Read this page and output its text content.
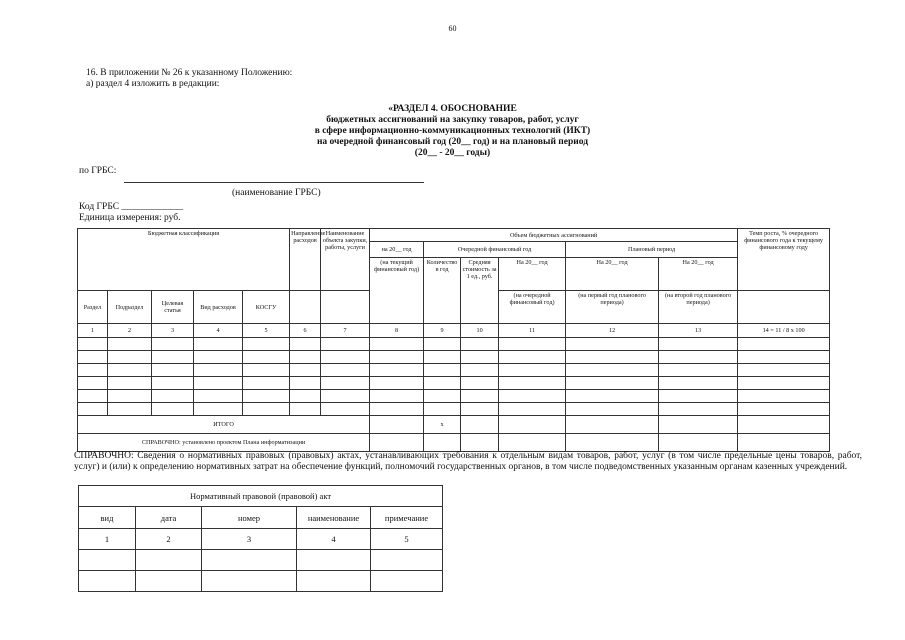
60
16. В приложении № 26 к указанному Положению:
а) раздел 4 изложить в редакции:
«РАЗДЕЛ 4. ОБОСНОВАНИЕ
бюджетных ассигнований на закупку товаров, работ, услуг
в сфере информационно-коммуникационных технологий (ИКТ)
на очередной финансовый год (20__ год) и на плановый период
(20__ - 20__ годы)
по ГРБС:
(наименование ГРБС)
Код ГРБС _____________
Единица измерения: руб.
Бюджетная классификация					Направление расходов	Наименование объекта закупки, работы, услуги	Объем бюджетных ассигнований						Темп роста, % очередного финансового года к текущему финансовому году
							на 20__ год	Очередной финансовый год			Плановый период		
							(на текущий финансовый год)	Количество в год	Средняя стоимость за 1 ед., руб.	На 20__ год	На 20__ год	На 20__ год	
Раздел	Подраздел	Целевая статья	Вид расходов	КОСГУ						(на очередной финансовый год)	(на первый год планового периода)	(на второй год планового периода)	
1	2	3	4	5	6	7	8	9	10	11	12	13	14 = 11 / 8 x 100

ИТОГО								x					
СПРАВОЧНО: установлено проектом Плана информатизации													
СПРАВОЧНО: Сведения о нормативных правовых (правовых) актах, устанавливающих требования к отдельным видам товаров, работ, услуг (в том числе предельные цены товаров, работ, услуг) и (или) к определению нормативных затрат на обеспечение функций, полномочий государственных органов, в том числе подведомственных указанным органам казенных учреждений.
Нормативный правовой (правовой) акт				
вид	дата	номер	наименование	примечание
1	2	3	4	5
